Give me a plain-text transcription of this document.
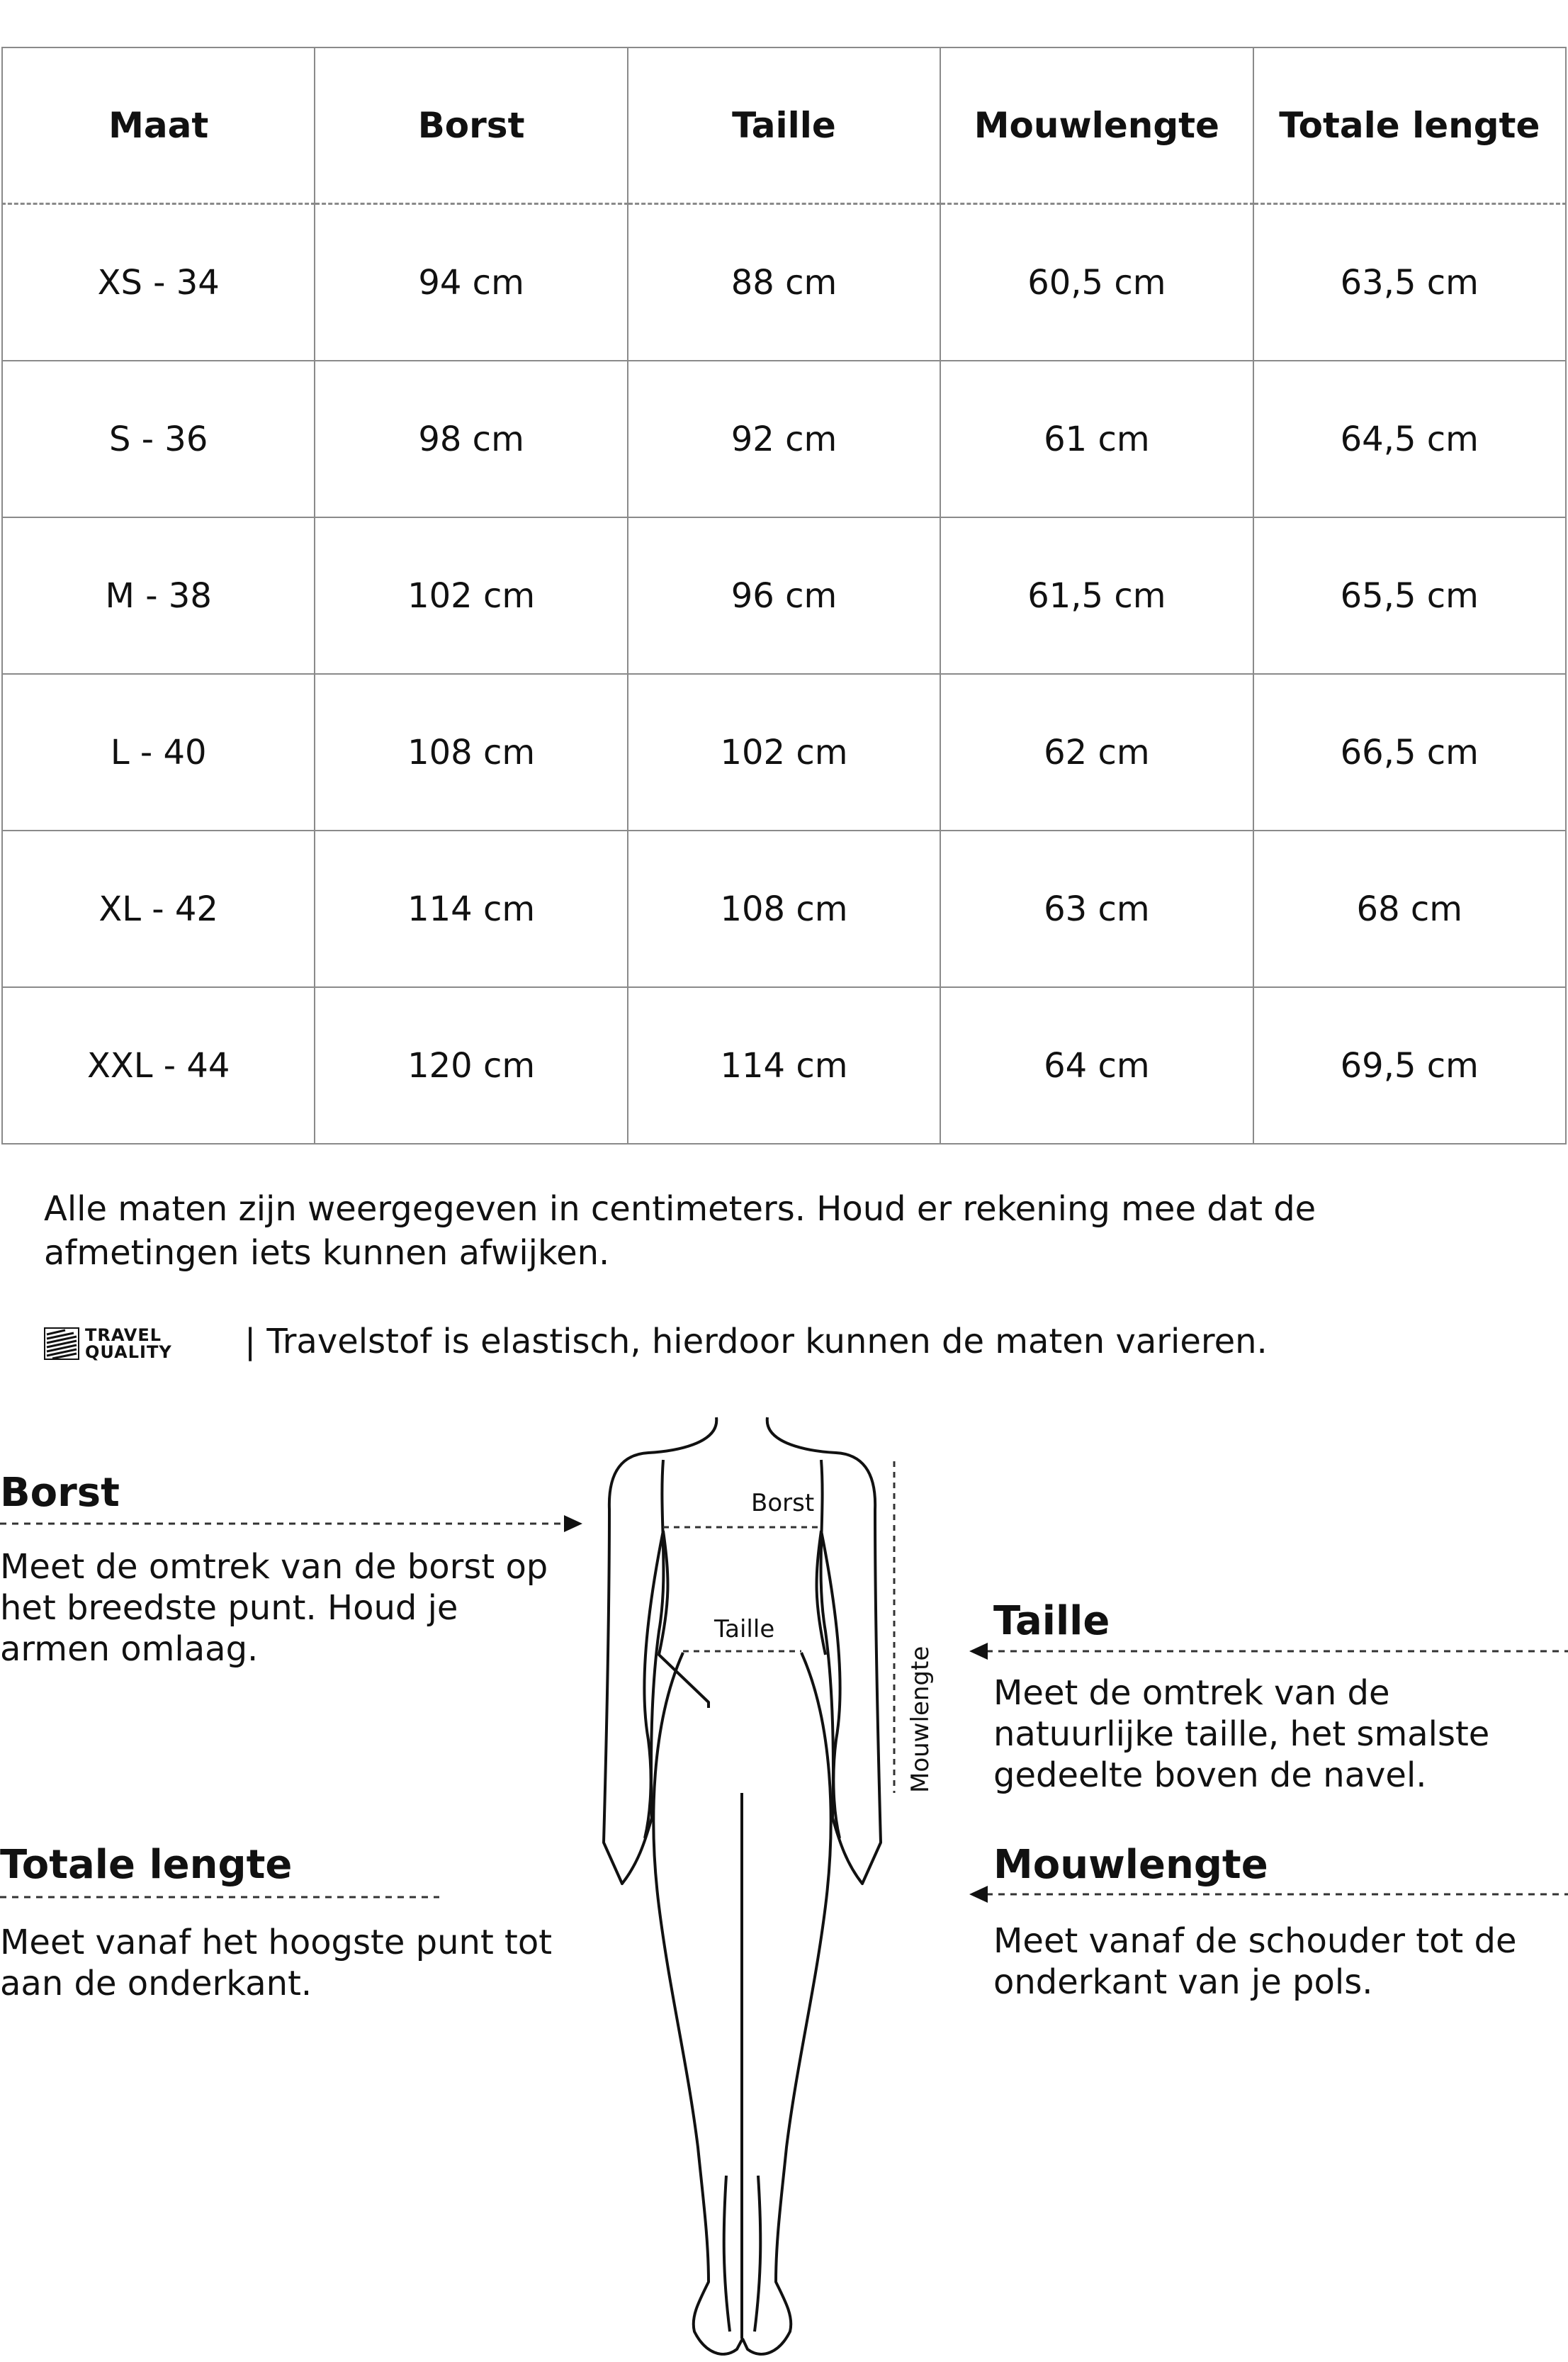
Maat	Borst	Taille	Mouwlengte	Totale lengte
XS - 34	94 cm	88 cm	60,5 cm	63,5 cm
S - 36	98 cm	92 cm	61 cm	64,5 cm
M - 38	102 cm	96 cm	61,5 cm	65,5 cm
L - 40	108 cm	102 cm	62 cm	66,5 cm
XL - 42	114 cm	108 cm	63 cm	68 cm
XXL - 44	120 cm	114 cm	64 cm	69,5 cm

Alle maten zijn weergegeven in centimeters. Houd er rekening mee dat de afmetingen iets kunnen afwijken.

TRAVEL
QUALITY | Travelstof is elastisch, hierdoor kunnen de maten varieren.

Borst

Meet de omtrek van de borst op het breedste punt. Houd je armen omlaag.

Taille

Meet de omtrek van de natuurlijke taille, het smalste gedeelte boven de navel.

Totale lengte

Meet vanaf het hoogste punt tot aan de onderkant.

Mouwlengte

Meet vanaf de schouder tot de onderkant van je pols.

Borst
Taille
Mouwlengte
